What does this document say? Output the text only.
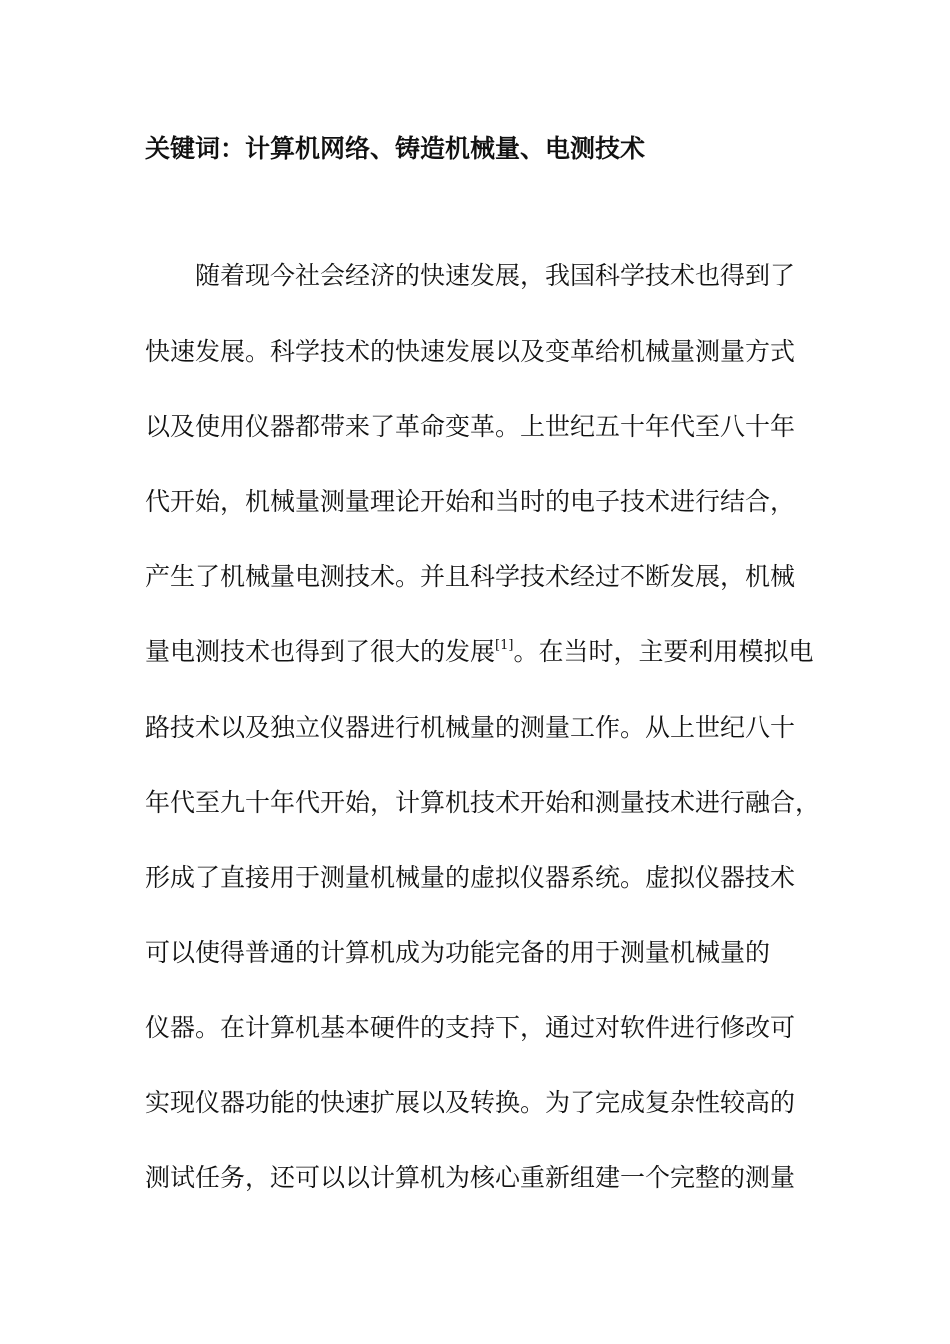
关键词：计算机网络、铸造机械量、电测技术
随着现今社会经济的快速发展，我国科学技术也得到了
快速发展。科学技术的快速发展以及变革给机械量测量方式
以及使用仪器都带来了革命变革。上世纪五十年代至八十年
代开始，机械量测量理论开始和当时的电子技术进行结合，
产生了机械量电测技术。并且科学技术经过不断发展，机械
量电测技术也得到了很大的发展[1]。在当时，主要利用模拟电
路技术以及独立仪器进行机械量的测量工作。从上世纪八十
年代至九十年代开始，计算机技术开始和测量技术进行融合，
形成了直接用于测量机械量的虚拟仪器系统。虚拟仪器技术
可以使得普通的计算机成为功能完备的用于测量机械量的
仪器。在计算机基本硬件的支持下，通过对软件进行修改可
实现仪器功能的快速扩展以及转换。为了完成复杂性较高的
测试任务，还可以以计算机为核心重新组建一个完整的测量
